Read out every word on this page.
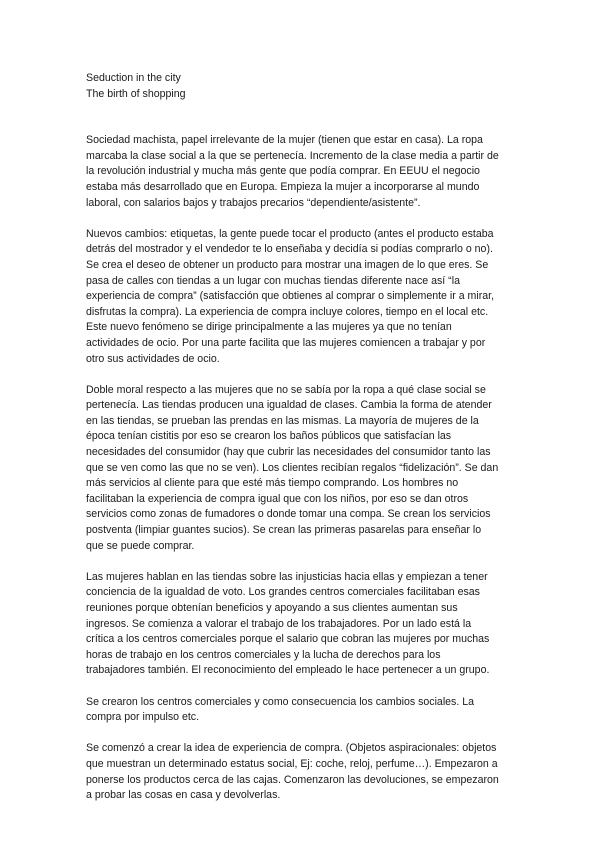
Seduction in the city
The birth of shopping
Sociedad machista, papel irrelevante de la mujer (tienen que estar en casa). La ropa
marcaba la clase social a la que se pertenecía. Incremento de la clase media a partir de
la revolución industrial y mucha más gente que podía comprar. En EEUU el negocio
estaba más desarrollado que en Europa. Empieza la mujer a incorporarse al mundo
laboral, con salarios bajos y trabajos precarios “dependiente/asistente”.
Nuevos cambios: etiquetas, la gente puede tocar el producto (antes el producto estaba
detrás del mostrador y el vendedor te lo enseñaba y decidía si podías comprarlo o no).
Se crea el deseo de obtener un producto para mostrar una imagen de lo que eres. Se
pasa de calles con tiendas a un lugar con muchas tiendas diferente nace así “la
experiencia de compra” (satisfacción que obtienes al comprar o simplemente ir a mirar,
disfrutas la compra). La experiencia de compra incluye colores, tiempo en el local etc.
Este nuevo fenómeno se dirige principalmente a las mujeres ya que no tenían
actividades de ocio. Por una parte facilita que las mujeres comiencen a trabajar y por
otro sus actividades de ocio.
Doble moral respecto a las mujeres que no se sabía por la ropa a qué clase social se
pertenecía. Las tiendas producen una igualdad de clases. Cambia la forma de atender
en las tiendas, se prueban las prendas en las mismas. La mayoría de mujeres de la
época tenían cistitis por eso se crearon los baños públicos que satisfacían las
necesidades del consumidor (hay que cubrir las necesidades del consumidor tanto las
que se ven como las que no se ven). Los clientes recibían regalos “fidelización”. Se dan
más servicios al cliente para que esté más tiempo comprando. Los hombres no
facilitaban la experiencia de compra igual que con los niños, por eso se dan otros
servicios como zonas de fumadores o donde tomar una compa. Se crean los servicios
postventa (limpiar guantes sucios). Se crean las primeras pasarelas para enseñar lo
que se puede comprar.
Las mujeres hablan en las tiendas sobre las injusticias hacia ellas y empiezan a tener
conciencia de la igualdad de voto. Los grandes centros comerciales facilitaban esas
reuniones porque obtenían beneficios y apoyando a sus clientes aumentan sus
ingresos. Se comienza a valorar el trabajo de los trabajadores. Por un lado está la
crítica a los centros comerciales porque el salario que cobran las mujeres por muchas
horas de trabajo en los centros comerciales y la lucha de derechos para los
trabajadores también. El reconocimiento del empleado le hace pertenecer a un grupo.
Se crearon los centros comerciales y como consecuencia los cambios sociales. La
compra por impulso etc.
Se comenzó a crear la idea de experiencia de compra. (Objetos aspiracionales: objetos
que muestran un determinado estatus social, Ej: coche, reloj, perfume…). Empezaron a
ponerse los productos cerca de las cajas. Comenzaron las devoluciones, se empezaron
a probar las cosas en casa y devolverlas.
